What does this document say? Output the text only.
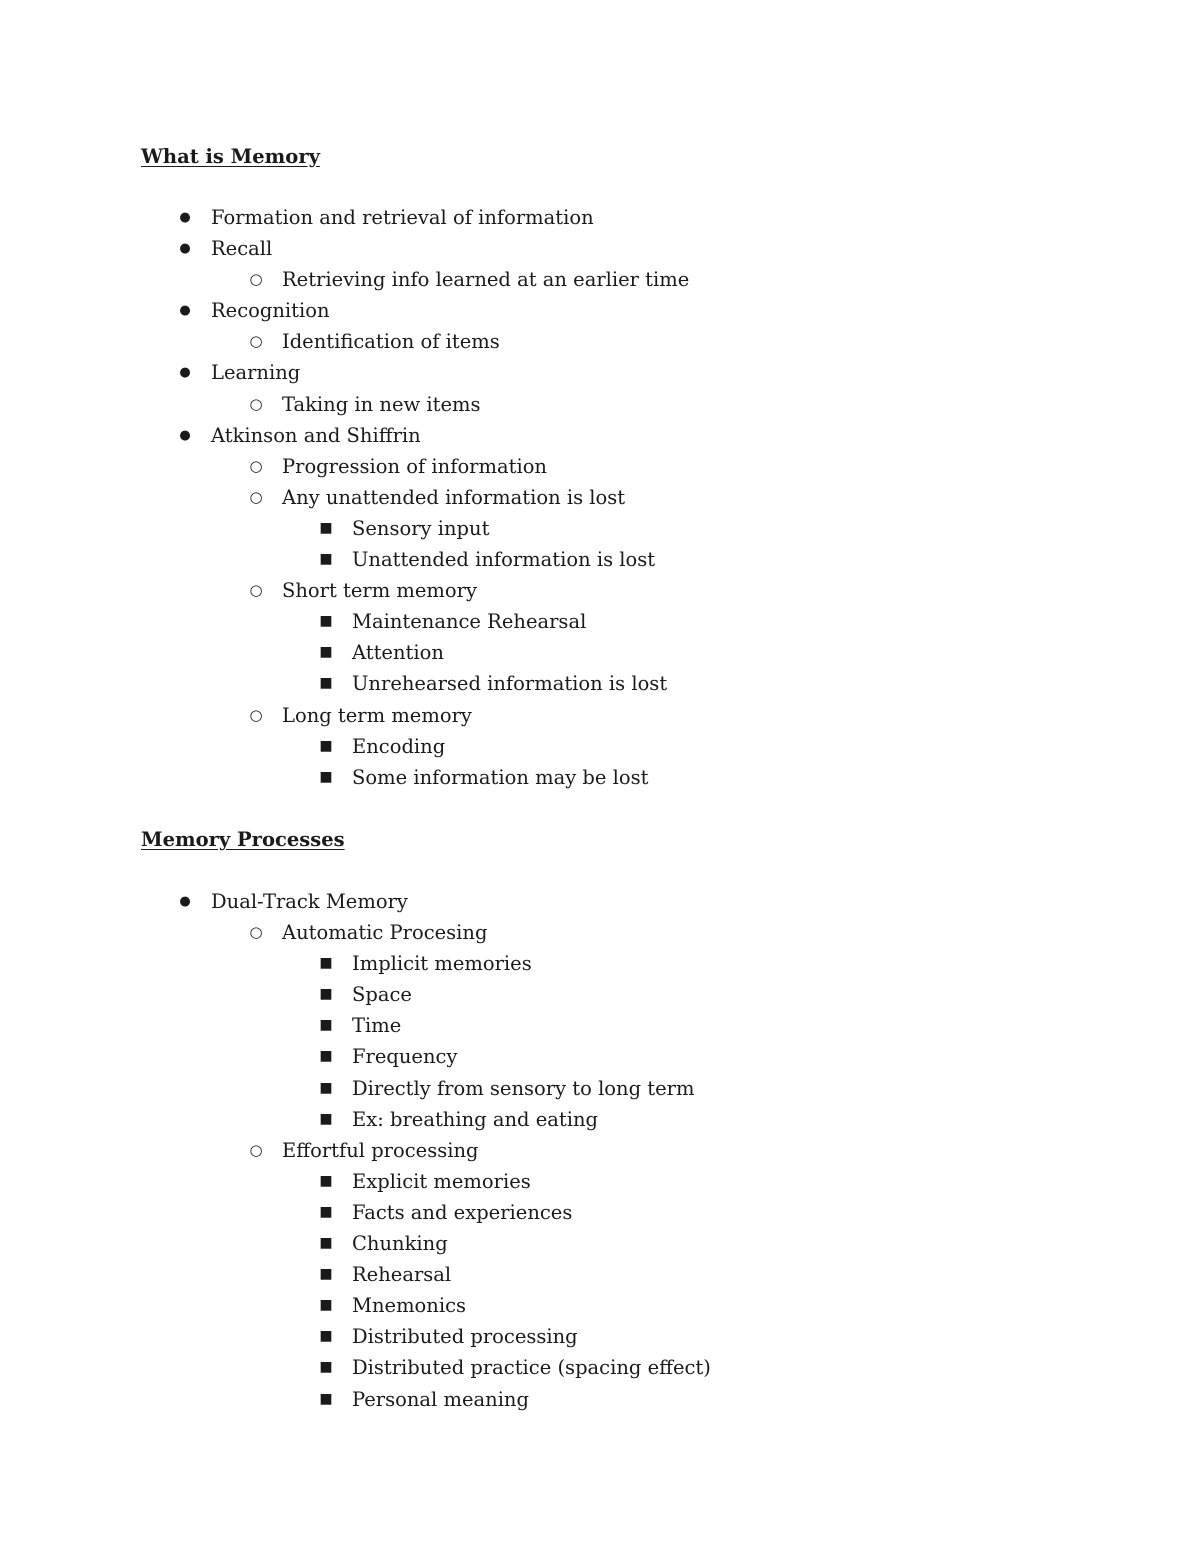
What is Memory
● Formation and retrieval of information
● Recall
○ Retrieving info learned at an earlier time
● Recognition
○ Identification of items
● Learning
○ Taking in new items
● Atkinson and Shiffrin
○ Progression of information
○ Any unattended information is lost
■ Sensory input
■ Unattended information is lost
○ Short term memory
■ Maintenance Rehearsal
■ Attention
■ Unrehearsed information is lost
○ Long term memory
■ Encoding
■ Some information may be lost
Memory Processes
● Dual-Track Memory
○ Automatic Procesing
■ Implicit memories
■ Space
■ Time
■ Frequency
■ Directly from sensory to long term
■ Ex: breathing and eating
○ Effortful processing
■ Explicit memories
■ Facts and experiences
■ Chunking
■ Rehearsal
■ Mnemonics
■ Distributed processing
■ Distributed practice (spacing effect)
■ Personal meaning
